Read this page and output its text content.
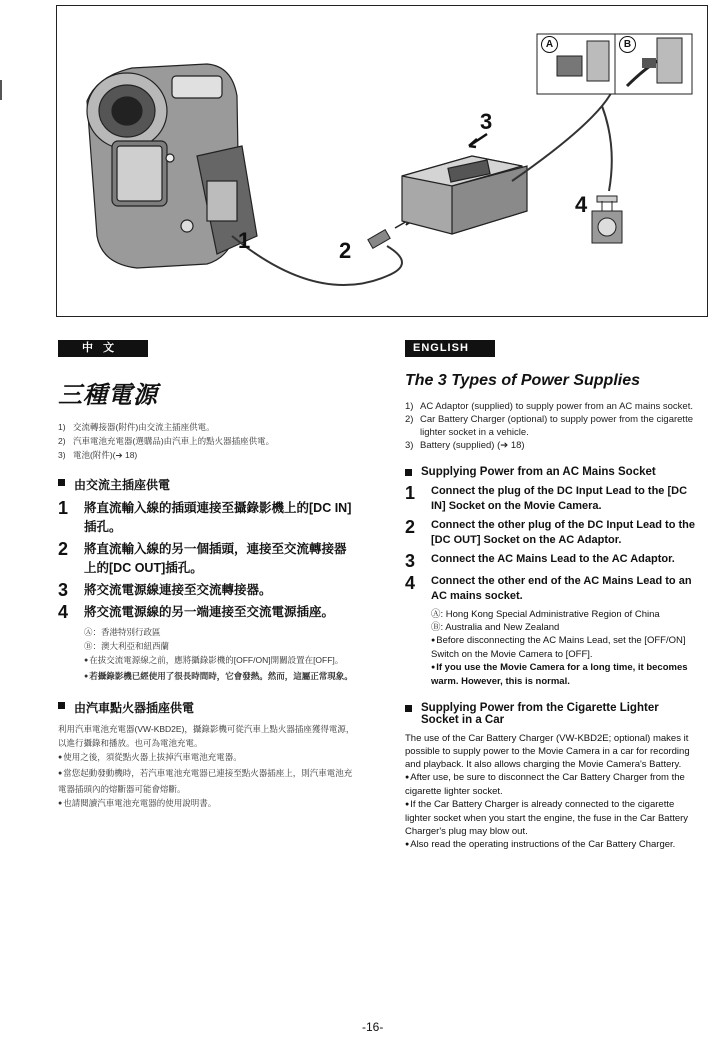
1	2
3
4
A	B
中文
三種電源
1) 交流轉接器(附件)由交流主插座供電。
2) 汽車電池充電器(選購品)由汽車上的點火器插座供電。
3) 電池(附件)(➔ 18)
由交流主插座供電
1	將直流輸入線的插頭連接至攝錄影機上的[DC IN]插孔。
2	將直流輸入線的另一個插頭，連接至交流轉接器上的[DC OUT]插孔。
3	將交流電源線連接至交流轉接器。
4	將交流電源線的另一端連接至交流電源插座。
Ⓐ：香港特別行政區
Ⓑ：澳大利亞和紐西蘭
● 在拔交流電源線之前，應將攝錄影機的[OFF/ON]開關設置在[OFF]。
● 若攝錄影機已經使用了很長時間時，它會發熱。然而，這屬正常現象。
由汽車點火器插座供電
利用汽車電池充電器(VW-KBD2E)，攝錄影機可從汽車上點火器插座獲得電源，以進行攝錄和播放。也可為電池充電。
● 使用之後，須從點火器上拔掉汽車電池充電器。
● 當您起動發動機時，若汽車電池充電器已連接至點火器插座上，則汽車電池充電器插頭內的熔斷器可能會熔斷。
● 也請閱讀汽車電池充電器的使用說明書。
ENGLISH
The 3 Types of Power Supplies
1) AC Adaptor (supplied) to supply power from an AC mains socket.
2) Car Battery Charger (optional) to supply power from the cigarette lighter socket in a vehicle.
3) Battery (supplied) (➔ 18)
Supplying Power from an AC Mains Socket
1	Connect the plug of the DC Input Lead to the [DC IN] Socket on the Movie Camera.
2	Connect the other plug of the DC Input Lead to the [DC OUT] Socket on the AC Adaptor.
3	Connect the AC Mains Lead to the AC Adaptor.
4	Connect the other end of the AC Mains Lead to an AC mains socket.
Ⓐ: Hong Kong Special Administrative Region of China
Ⓑ: Australia and New Zealand
● Before disconnecting the AC Mains Lead, set the [OFF/ON] Switch on the Movie Camera to [OFF].
● If you use the Movie Camera for a long time, it becomes warm. However, this is normal.
Supplying Power from the Cigarette Lighter Socket in a Car
The use of the Car Battery Charger (VW-KBD2E; optional) makes it possible to supply power to the Movie Camera in a car for recording and playback. It also allows charging the Movie Camera's Battery.
● After use, be sure to disconnect the Car Battery Charger from the cigarette lighter socket.
● If the Car Battery Charger is already connected to the cigarette lighter socket when you start the engine, the fuse in the Car Battery Charger's plug may blow out.
● Also read the operating instructions of the Car Battery Charger.
-16-
